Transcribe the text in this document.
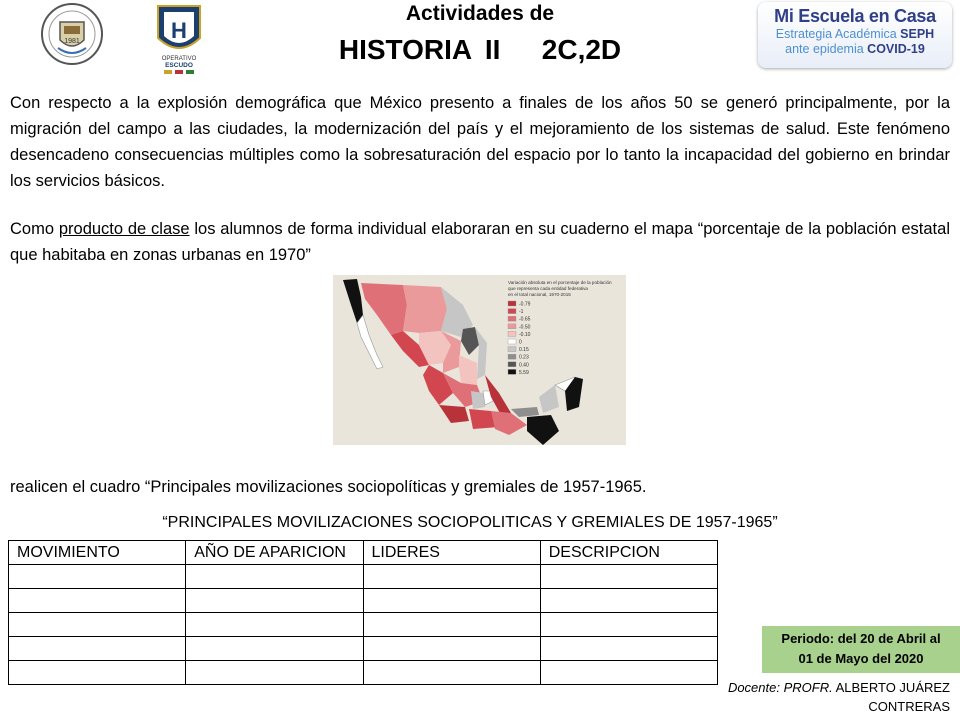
1981	H
OPERATIVO
ESCUDO
Actividades de
HISTORIA II   2C,2D
Mi Escuela en Casa
Estrategia Académica SEPH
ante epidemia COVID-19
Con respecto a la explosión demográfica que México presento a finales de los años 50 se generó principalmente, por la migración del campo a las ciudades, la modernización del país y el mejoramiento de los sistemas de salud. Este fenómeno desencadeno consecuencias múltiples como la sobresaturación del espacio por lo tanto la incapacidad del gobierno en brindar los servicios básicos.
Como producto de clase los alumnos de forma individual elaboraran en su cuaderno el mapa “porcentaje de la población estatal que habitaba en zonas urbanas en 1970”
Variación absoluta en el porcentaje de la población que representa cada entidad federativa en el total nacional, 1970-2015
-0.79
-1
-0.65
-0.50
-0.10
0
0.15
0.23
0.40
5.59
realicen el cuadro “Principales movilizaciones sociopolíticas y gremiales de 1957-1965.
“PRINCIPALES MOVILIZACIONES SOCIOPOLITICAS Y GREMIALES DE 1957-1965”
MOVIMIENTO	AÑO DE APARICION	LIDERES	DESCRIPCION

Periodo: del 20 de Abril al
01 de Mayo del 2020
Docente: PROFR. ALBERTO JUÁREZ
CONTRERAS
